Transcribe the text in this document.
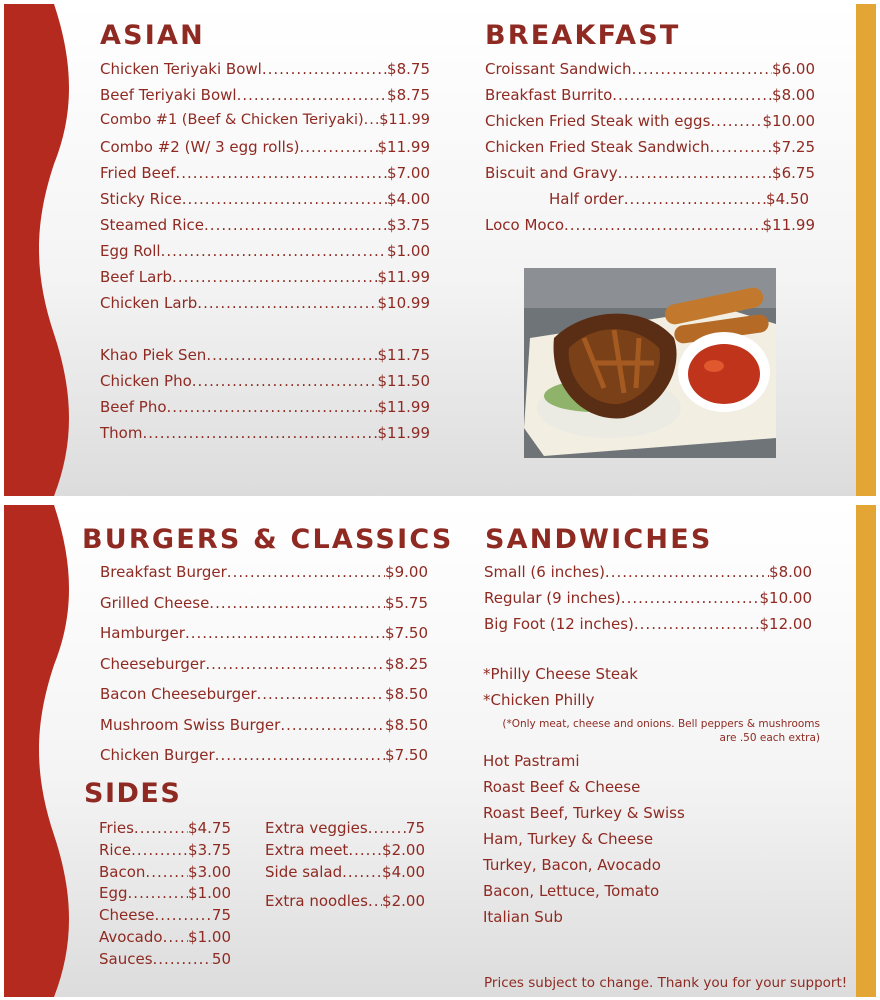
ASIAN
Chicken Teriyaki Bowl .....	$8.75
Beef Teriyaki Bowl .....	$8.75
Combo #1 (Beef & Chicken Teriyaki) ..... $11.99
Combo #2 (W/ 3 egg rolls) .....	$11.99
Fried Beef .....	$7.00
Sticky Rice .....	$4.00
Steamed Rice .....	$3.75
Egg Roll .....	$1.00
Beef Larb .....	$11.99
Chicken Larb .....	$10.99
Khao Piek Sen .....	$11.75
Chicken Pho .....	$11.50
Beef Pho .....	$11.99
Thom .....	$11.99
BREAKFAST
Croissant Sandwich .....	$6.00
Breakfast Burrito .....	$8.00
Chicken Fried Steak with eggs .....	$10.00
Chicken Fried Steak Sandwich .....	$7.25
Biscuit and Gravy .....	$6.75
Half order .....	$4.50
Loco Moco .....	$11.99
BURGERS & CLASSICS
Breakfast Burger .....	$9.00
Grilled Cheese .....	$5.75
Hamburger .....	$7.50
Cheeseburger .....	$8.25
Bacon Cheeseburger .....	$8.50
Mushroom Swiss Burger .....	$8.50
Chicken Burger .....	$7.50
SIDES
Fries .....	$4.75
Rice .....	$3.75
Bacon .....	$3.00
Egg .....	$1.00
Cheese .....	75
Avocado ..... $1.00
Sauces .....	50
Extra veggies .....	75
Extra meet ..... $2.00
Side salad .....	$4.00
Extra noodles ..... $2.00
SANDWICHES
Small (6 inches) .....	$8.00
Regular (9 inches) .....	$10.00
Big Foot (12 inches) .....	$12.00
*Philly Cheese Steak
*Chicken Philly
(*Only meat, cheese and onions. Bell peppers & mushrooms are .50 each extra)
Hot Pastrami
Roast Beef & Cheese
Roast Beef, Turkey & Swiss
Ham, Turkey & Cheese
Turkey, Bacon, Avocado
Bacon, Lettuce, Tomato
Italian Sub
Prices subject to change. Thank you for your support!
